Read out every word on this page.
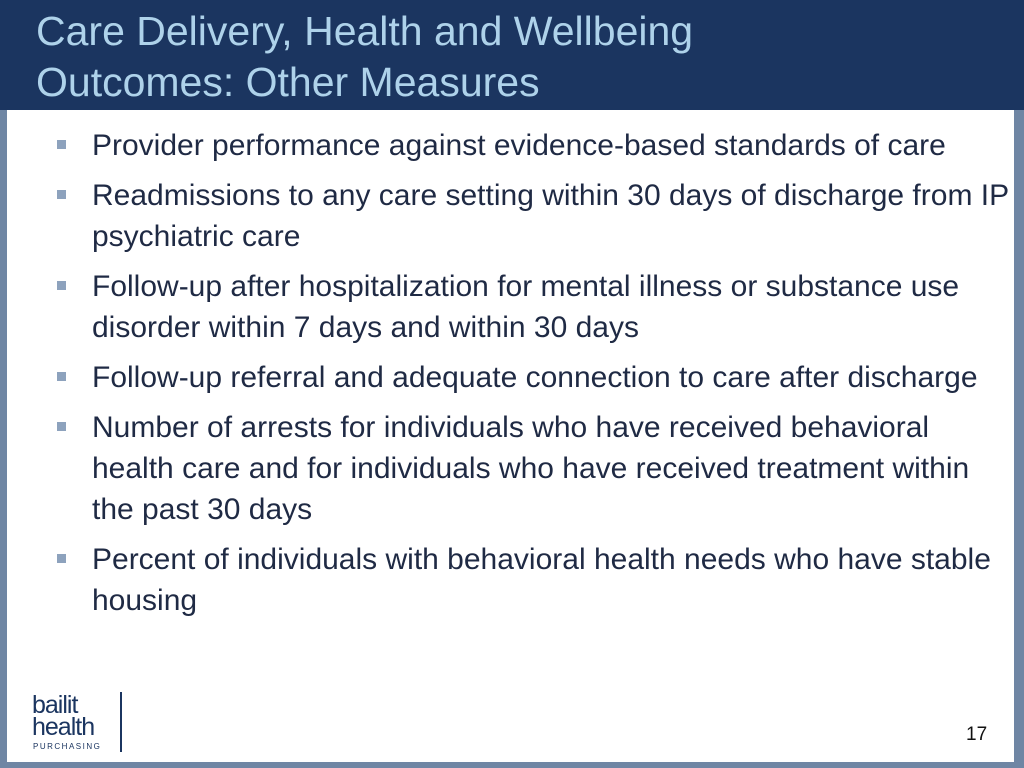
Care Delivery, Health and Wellbeing
Outcomes: Other Measures
Provider performance against evidence-based standards of care
Readmissions to any care setting within 30 days of discharge from IP psychiatric care
Follow-up after hospitalization for mental illness or substance use disorder within 7 days and within 30 days
Follow-up referral and adequate connection to care after discharge
Number of arrests for individuals who have received behavioral health care and for individuals who have received treatment within the past 30 days
Percent of individuals with behavioral health needs who have stable housing
bailit
health
PURCHASING
17
